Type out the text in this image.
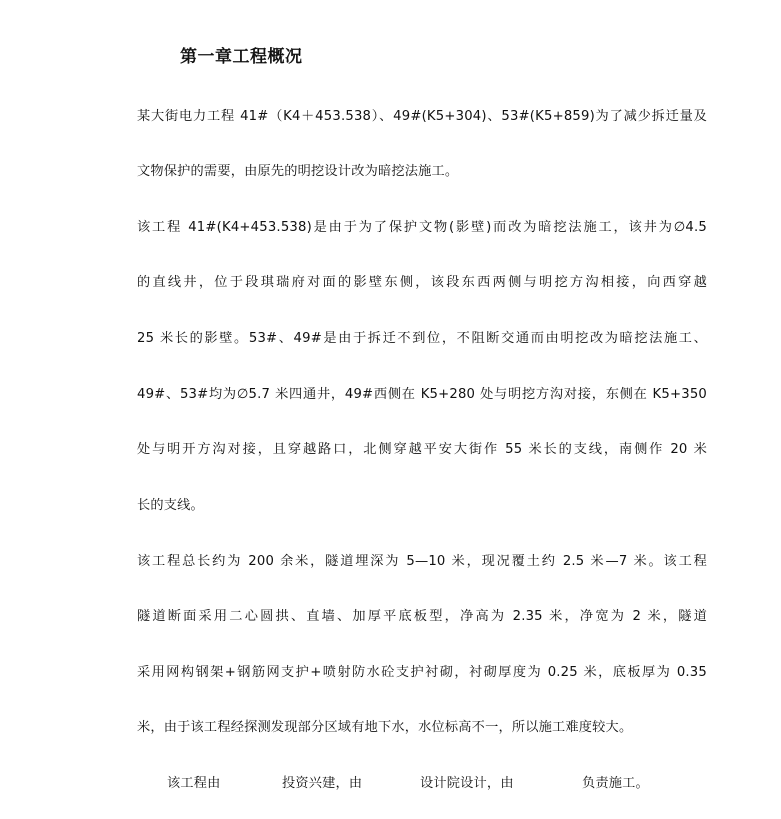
第一章工程概况
某大街电力工程 41#（K4＋453.538）、49#(K5+304)、53#(K5+859)为了减少拆迁量及
文物保护的需要，由原先的明挖设计改为暗挖法施工。
该工程 41#(K4+453.538)是由于为了保护文物(影壁)而改为暗挖法施工，该井为∅4.5
的直线井，位于段琪瑞府对面的影壁东侧，该段东西两侧与明挖方沟相接，向西穿越
25 米长的影壁。53#、49#是由于拆迁不到位，不阻断交通而由明挖改为暗挖法施工、
49#、53#均为∅5.7 米四通井，49#西侧在 K5+280 处与明挖方沟对接，东侧在 K5+350
处与明开方沟对接，且穿越路口，北侧穿越平安大街作 55 米长的支线，南侧作 20 米
长的支线。
该工程总长约为 200 余米，隧道埋深为 5—10 米，现况覆土约 2.5 米—7 米。该工程
隧道断面采用二心圆拱、直墙、加厚平底板型，净高为 2.35 米，净宽为 2 米，隧道
采用网构钢架+钢筋网支护+喷射防水砼支护衬砌，衬砌厚度为 0.25 米，底板厚为 0.35
米，由于该工程经探测发现部分区域有地下水，水位标高不一，所以施工难度较大。
该工程由	投资兴建，由	设计院设计，由	负责施工。
